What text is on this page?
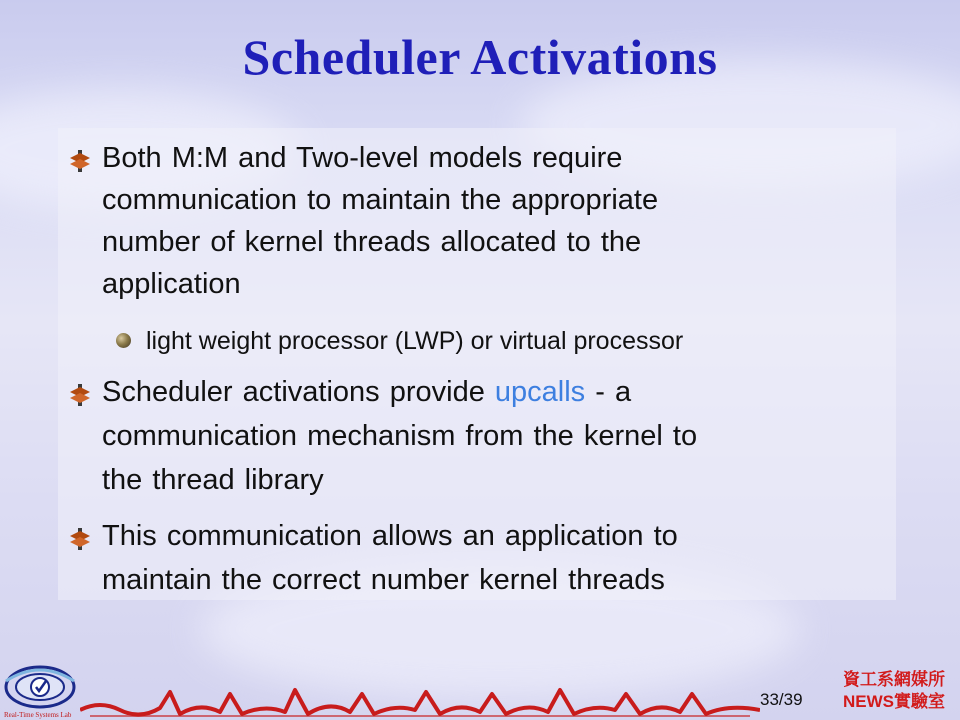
Scheduler Activations
Both M:M and Two-level models require
communication to maintain the appropriate
number of kernel threads allocated to the
application
light weight processor (LWP) or virtual processor
Scheduler activations provide upcalls - a
communication mechanism from the kernel to
the thread library
This communication allows an application to
maintain the correct number kernel threads
Real-Time Systems Lab
33/39
資工系網媒所
NEWS實驗室
